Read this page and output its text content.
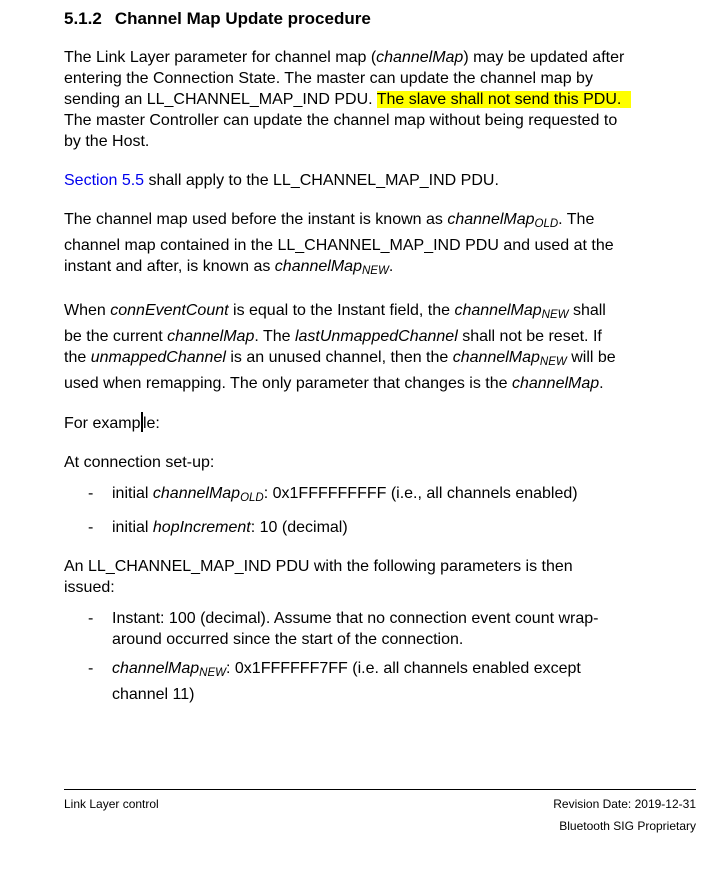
5.1.2 Channel Map Update procedure

The Link Layer parameter for channel map (channelMap) may be updated after
entering the Connection State. The master can update the channel map by
sending an LL_CHANNEL_MAP_IND PDU. The slave shall not send this PDU.
The master Controller can update the channel map without being requested to
by the Host.

Section 5.5 shall apply to the LL_CHANNEL_MAP_IND PDU.

The channel map used before the instant is known as channelMapOLD. The
channel map contained in the LL_CHANNEL_MAP_IND PDU and used at the
instant and after, is known as channelMapNEW.

When connEventCount is equal to the Instant field, the channelMapNEW shall
be the current channelMap. The lastUnmappedChannel shall not be reset. If
the unmappedChannel is an unused channel, then the channelMapNEW will be
used when remapping. The only parameter that changes is the channelMap.

For examp le:

At connection set-up:

-	initial channelMapOLD: 0x1FFFFFFFFF (i.e., all channels enabled)
-	initial hopIncrement: 10 (decimal)

An LL_CHANNEL_MAP_IND PDU with the following parameters is then
issued:

-	Instant: 100 (decimal). Assume that no connection event count wrap-
around occurred since the start of the connection.
-	channelMapNEW: 0x1FFFFFF7FF (i.e. all channels enabled except
channel 11)
Link Layer control	Revision Date: 2019-12-31
Bluetooth SIG Proprietary
